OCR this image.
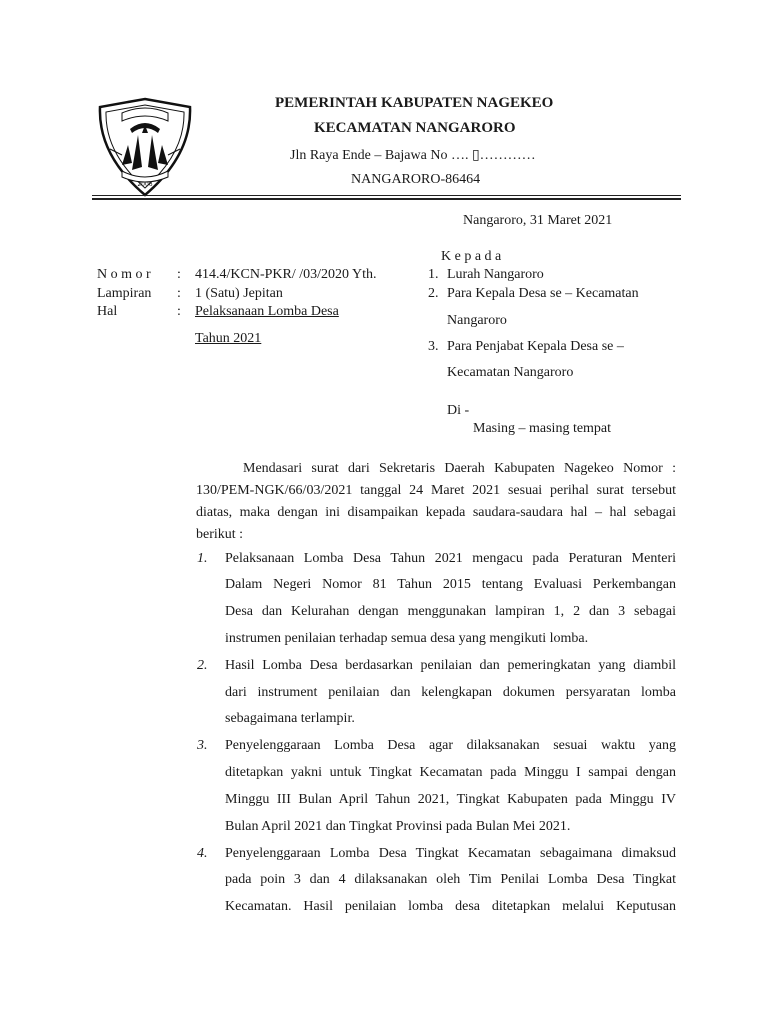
2006
PEMERINTAH KABUPATEN NAGEKEO
KECAMATAN NANGARORO
Jln Raya Ende – Bajawa No …. ▯…………
NANGARORO-86464
Nangaroro, 31 Maret 2021
K e p a d a
N o m o r : 414.4/KCN-PKR/ /03/2020 Yth.
Lampiran : 1 (Satu) Jepitan
Hal	: Pelaksanaan Lomba Desa
Tahun 2021
1. Lurah Nangaroro
2. Para Kepala Desa se – Kecamatan
Nangaroro
3. Para Penjabat Kepala Desa se –
Kecamatan Nangaroro
Di -
Masing – masing tempat
Mendasari surat dari Sekretaris Daerah Kabupaten Nagekeo Nomor :
130/PEM-NGK/66/03/2021 tanggal 24 Maret 2021 sesuai perihal surat tersebut
diatas, maka dengan ini disampaikan kepada saudara-saudara hal – hal sebagai
berikut :
1. Pelaksanaan Lomba Desa Tahun 2021 mengacu pada Peraturan Menteri
Dalam Negeri Nomor 81 Tahun 2015 tentang Evaluasi Perkembangan
Desa dan Kelurahan dengan menggunakan lampiran 1, 2 dan 3 sebagai
instrumen penilaian terhadap semua desa yang mengikuti lomba.
2. Hasil Lomba Desa berdasarkan penilaian dan pemeringkatan yang diambil
dari instrument penilaian dan kelengkapan dokumen persyaratan lomba
sebagaimana terlampir.
3. Penyelenggaraan Lomba Desa agar dilaksanakan sesuai waktu yang
ditetapkan yakni untuk Tingkat Kecamatan pada Minggu I sampai dengan
Minggu III Bulan April Tahun 2021, Tingkat Kabupaten pada Minggu IV
Bulan April 2021 dan Tingkat Provinsi pada Bulan Mei 2021.
4. Penyelenggaraan Lomba Desa Tingkat Kecamatan sebagaimana dimaksud
pada poin 3 dan 4 dilaksanakan oleh Tim Penilai Lomba Desa Tingkat
Kecamatan. Hasil penilaian lomba desa ditetapkan melalui Keputusan
